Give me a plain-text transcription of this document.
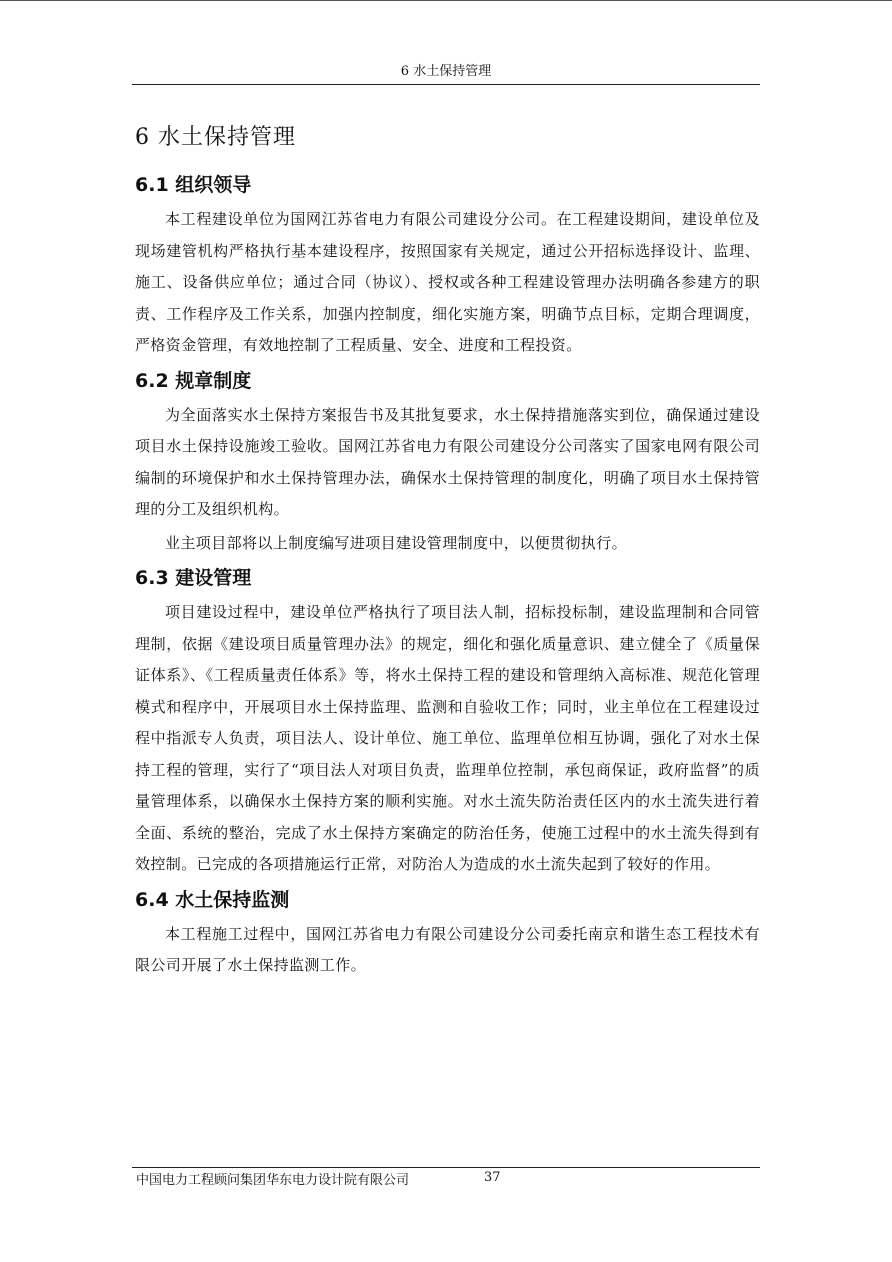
6 水土保持管理
6 水土保持管理
6.1 组织领导

本工程建设单位为国网江苏省电力有限公司建设分公司。在工程建设期间，建设单位及现场建管机构严格执行基本建设程序，按照国家有关规定，通过公开招标选择设计、监理、施工、设备供应单位；通过合同（协议）、授权或各种工程建设管理办法明确各参建方的职责、工作程序及工作关系，加强内控制度，细化实施方案，明确节点目标，定期合理调度，严格资金管理，有效地控制了工程质量、安全、进度和工程投资。

6.2 规章制度

为全面落实水土保持方案报告书及其批复要求，水土保持措施落实到位，确保通过建设项目水土保持设施竣工验收。国网江苏省电力有限公司建设分公司落实了国家电网有限公司编制的环境保护和水土保持管理办法，确保水土保持管理的制度化，明确了项目水土保持管理的分工及组织机构。

业主项目部将以上制度编写进项目建设管理制度中，以便贯彻执行。

6.3 建设管理

项目建设过程中，建设单位严格执行了项目法人制，招标投标制，建设监理制和合同管理制，依据《建设项目质量管理办法》的规定，细化和强化质量意识、建立健全了《质量保证体系》、《工程质量责任体系》等，将水土保持工程的建设和管理纳入高标准、规范化管理模式和程序中，开展项目水土保持监理、监测和自验收工作；同时，业主单位在工程建设过程中指派专人负责，项目法人、设计单位、施工单位、监理单位相互协调，强化了对水土保持工程的管理，实行了“项目法人对项目负责，监理单位控制，承包商保证，政府监督”的质量管理体系，以确保水土保持方案的顺利实施。对水土流失防治责任区内的水土流失进行着全面、系统的整治，完成了水土保持方案确定的防治任务，使施工过程中的水土流失得到有效控制。已完成的各项措施运行正常，对防治人为造成的水土流失起到了较好的作用。

6.4 水土保持监测

本工程施工过程中，国网江苏省电力有限公司建设分公司委托南京和谐生态工程技术有限公司开展了水土保持监测工作。

中国电力工程顾问集团华东电力设计院有限公司	37
